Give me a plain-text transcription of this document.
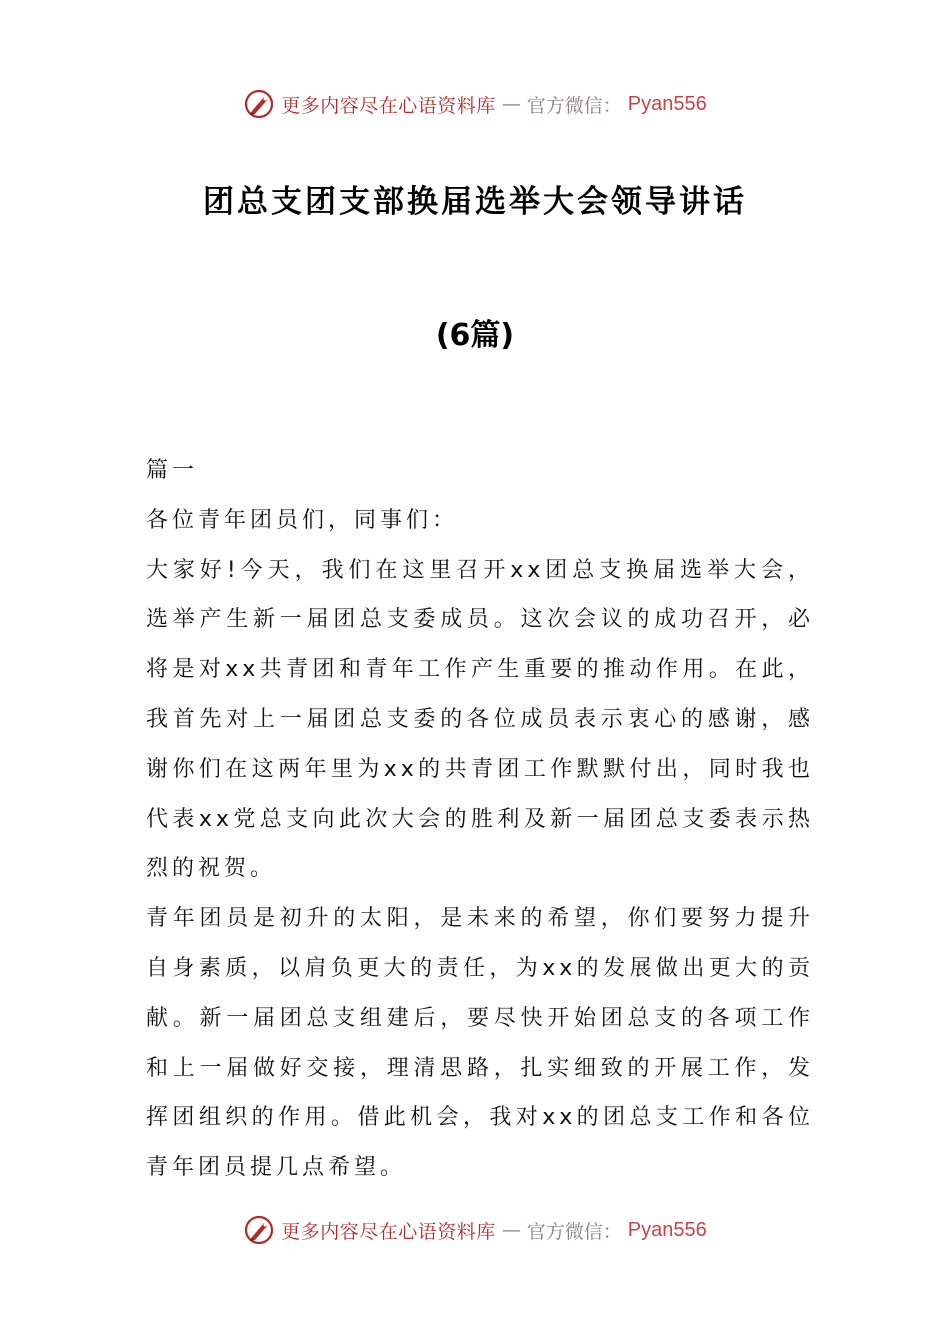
更多内容尽在心语资料库 — 官方微信： Pyan556
团总支团支部换届选举大会领导讲话
(6篇)

篇一

各位青年团员们，同事们：

大家好!今天，我们在这里召开xx团总支换届选举大会，选举产生新一届团总支委成员。这次会议的成功召开，必将是对xx共青团和青年工作产生重要的推动作用。在此，我首先对上一届团总支委的各位成员表示衷心的感谢，感谢你们在这两年里为xx的共青团工作默默付出，同时我也代表xx党总支向此次大会的胜利及新一届团总支委表示热烈的祝贺。

青年团员是初升的太阳，是未来的希望，你们要努力提升自身素质，以肩负更大的责任，为xx的发展做出更大的贡献。新一届团总支组建后，要尽快开始团总支的各项工作和上一届做好交接，理清思路，扎实细致的开展工作，发挥团组织的作用。借此机会，我对xx的团总支工作和各位青年团员提几点希望。

更多内容尽在心语资料库 — 官方微信： Pyan556
